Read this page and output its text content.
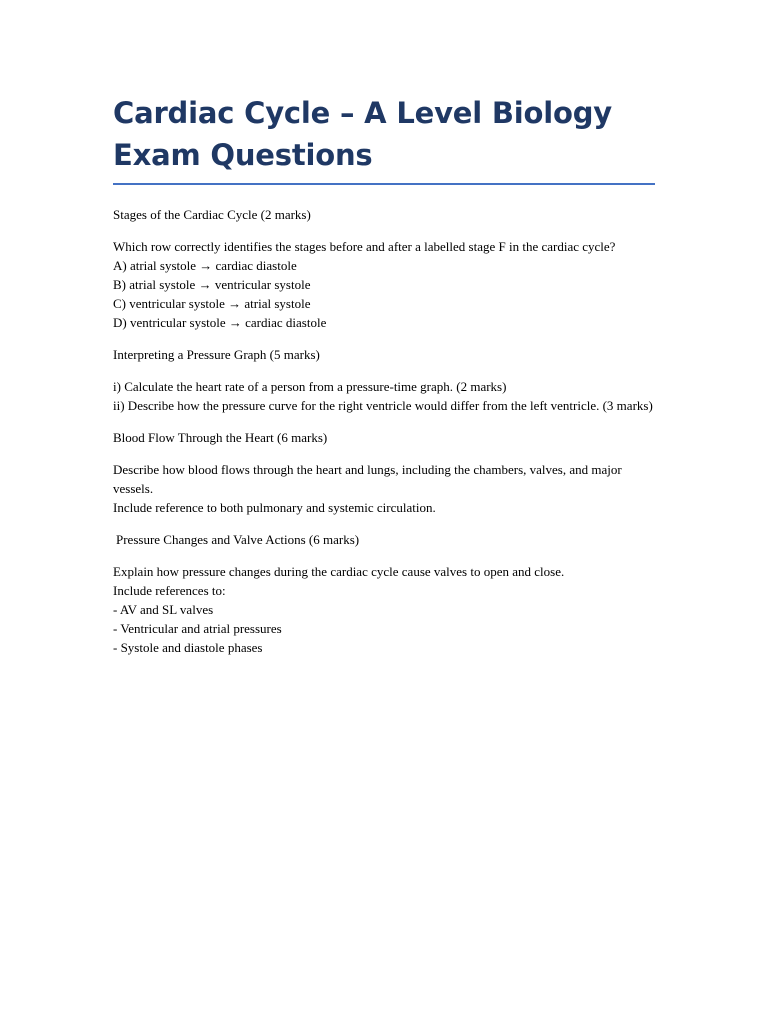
Cardiac Cycle – A Level Biology Exam Questions

Stages of the Cardiac Cycle (2 marks)

Which row correctly identifies the stages before and after a labelled stage F in the cardiac cycle?
A) atrial systole → cardiac diastole
B) atrial systole → ventricular systole
C) ventricular systole → atrial systole
D) ventricular systole → cardiac diastole

Interpreting a Pressure Graph (5 marks)

i) Calculate the heart rate of a person from a pressure-time graph. (2 marks)
ii) Describe how the pressure curve for the right ventricle would differ from the left ventricle. (3 marks)

Blood Flow Through the Heart (6 marks)

Describe how blood flows through the heart and lungs, including the chambers, valves, and major vessels.
Include reference to both pulmonary and systemic circulation.

Pressure Changes and Valve Actions (6 marks)

Explain how pressure changes during the cardiac cycle cause valves to open and close.
Include references to:
- AV and SL valves
- Ventricular and atrial pressures
- Systole and diastole phases
